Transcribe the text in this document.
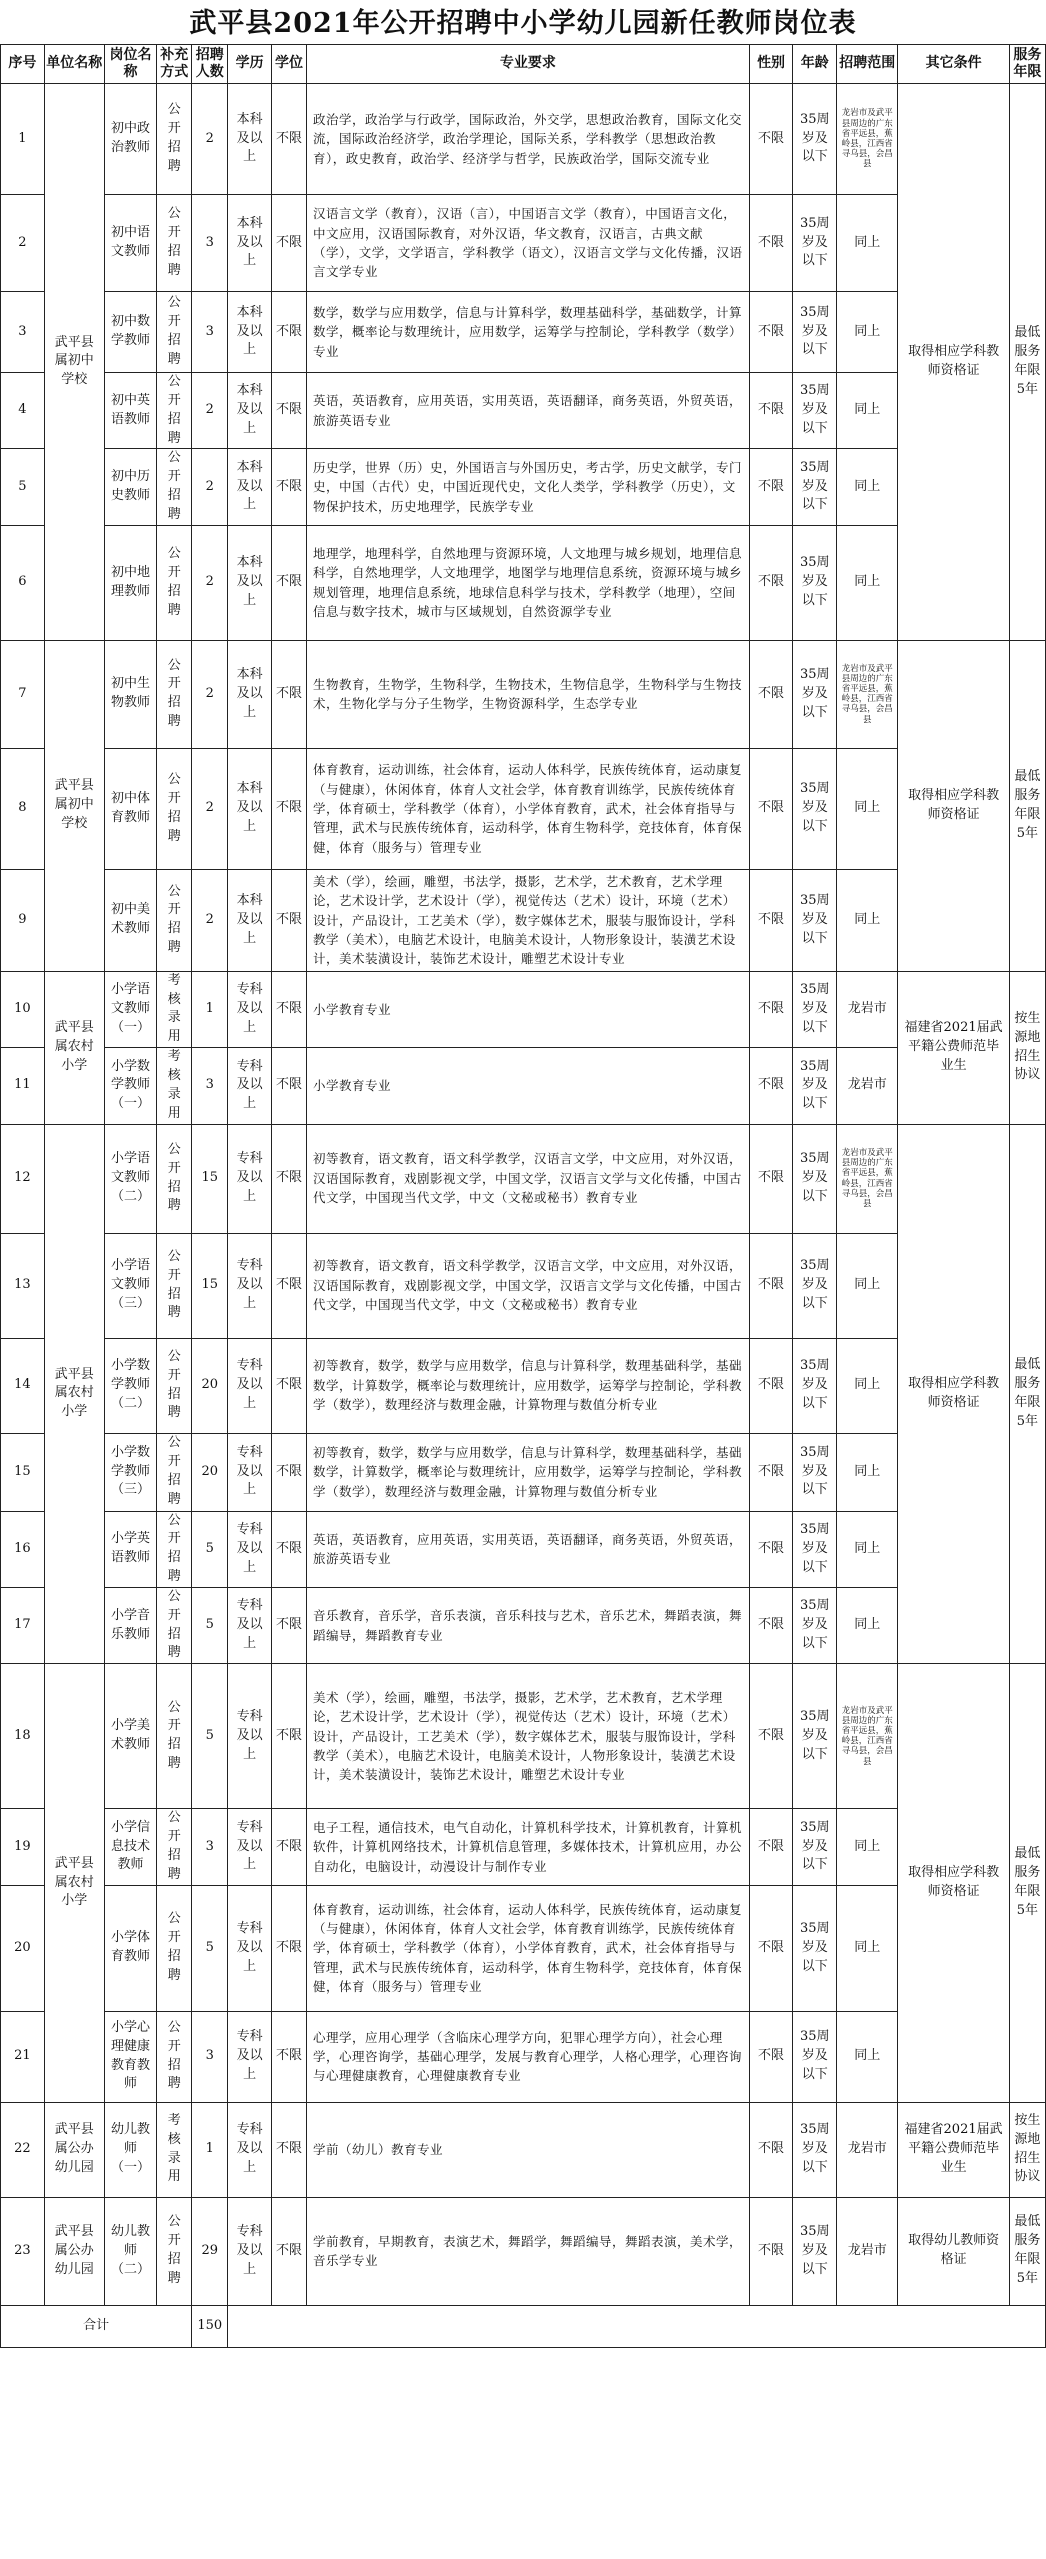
武平县2021年公开招聘中小学幼儿园新任教师岗位表
序号	单位名称	岗位名称	补充方式	招聘人数	学历	学位	专业要求	性别	年龄	招聘范围	其它条件	服务年限
1	武平县属初中学校	初中政治教师	公开招聘	2	本科及以上	不限	政治学，政治学与行政学，国际政治，外交学，思想政治教育，国际文化交流，国际政治经济学，政治学理论，国际关系，学科教学（思想政治教育），政史教育，政治学、经济学与哲学，民族政治学，国际交流专业	不限	35周岁及以下	龙岩市及武平县周边的广东省平远县，蕉岭县，江西省寻乌县，会昌县	取得相应学科教师资格证	最低服务年限5年
2		初中语文教师	公开招聘	3	本科及以上	不限	汉语言文学（教育），汉语（言），中国语言文学（教育），中国语言文化，中文应用，汉语国际教育，对外汉语，华文教育，汉语言，古典文献（学），文学，文学语言，学科教学（语文），汉语言文学与文化传播，汉语言文学专业	不限	35周岁及以下	同上		
3		初中数学教师	公开招聘	3	本科及以上	不限	数学，数学与应用数学，信息与计算科学，数理基础科学，基础数学，计算数学，概率论与数理统计，应用数学，运筹学与控制论，学科教学（数学）专业	不限	35周岁及以下	同上		
4		初中英语教师	公开招聘	2	本科及以上	不限	英语，英语教育，应用英语，实用英语，英语翻译，商务英语，外贸英语，旅游英语专业	不限	35周岁及以下	同上		
5		初中历史教师	公开招聘	2	本科及以上	不限	历史学，世界（历）史，外国语言与外国历史，考古学，历史文献学，专门史，中国（古代）史，中国近现代史，文化人类学，学科教学（历史），文物保护技术，历史地理学，民族学专业	不限	35周岁及以下	同上		
6		初中地理教师	公开招聘	2	本科及以上	不限	地理学，地理科学，自然地理与资源环境，人文地理与城乡规划，地理信息科学，自然地理学，人文地理学，地图学与地理信息系统，资源环境与城乡规划管理，地理信息系统，地球信息科学与技术，学科教学（地理），空间信息与数字技术，城市与区域规划，自然资源学专业	不限	35周岁及以下	同上		
7	武平县属初中学校	初中生物教师	公开招聘	2	本科及以上	不限	生物教育，生物学，生物科学，生物技术，生物信息学，生物科学与生物技术，生物化学与分子生物学，生物资源科学，生态学专业	不限	35周岁及以下	龙岩市及武平县周边的广东省平远县，蕉岭县，江西省寻乌县，会昌县	取得相应学科教师资格证	最低服务年限5年
8		初中体育教师	公开招聘	2	本科及以上	不限	体育教育，运动训练，社会体育，运动人体科学，民族传统体育，运动康复（与健康），休闲体育，体育人文社会学，体育教育训练学，民族传统体育学，体育硕士，学科教学（体育），小学体育教育，武术，社会体育指导与管理，武术与民族传统体育，运动科学，体育生物科学，竞技体育，体育保健，体育（服务与）管理专业	不限	35周岁及以下	同上		
9		初中美术教师	公开招聘	2	本科及以上	不限	美术（学），绘画，雕塑，书法学，摄影，艺术学，艺术教育，艺术学理论，艺术设计学，艺术设计（学），视觉传达（艺术）设计，环境（艺术）设计，产品设计，工艺美术（学），数字媒体艺术，服装与服饰设计，学科教学（美术），电脑艺术设计，电脑美术设计，人物形象设计，装潢艺术设计，美术装潢设计，装饰艺术设计，雕塑艺术设计专业	不限	35周岁及以下	同上		
10	武平县属农村小学	小学语文教师（一）	考核录用	1	专科及以上	不限	小学教育专业	不限	35周岁及以下	龙岩市	福建省2021届武平籍公费师范毕业生	按生源地招生协议
11		小学数学教师（一）	考核录用	3	专科及以上	不限	小学教育专业	不限	35周岁及以下	龙岩市		
12	武平县属农村小学	小学语文教师（二）	公开招聘	15	专科及以上	不限	初等教育，语文教育，语文科学教学，汉语言文学，中文应用，对外汉语，汉语国际教育，戏剧影视文学，中国文学，汉语言文学与文化传播，中国古代文学，中国现当代文学，中文（文秘或秘书）教育专业	不限	35周岁及以下	龙岩市及武平县周边的广东省平远县，蕉岭县，江西省寻乌县，会昌县	取得相应学科教师资格证	最低服务年限5年
13		小学语文教师（三）	公开招聘	15	专科及以上	不限	初等教育，语文教育，语文科学教学，汉语言文学，中文应用，对外汉语，汉语国际教育，戏剧影视文学，中国文学，汉语言文学与文化传播，中国古代文学，中国现当代文学，中文（文秘或秘书）教育专业	不限	35周岁及以下	同上		
14		小学数学教师（二）	公开招聘	20	专科及以上	不限	初等教育，数学，数学与应用数学，信息与计算科学，数理基础科学，基础数学，计算数学，概率论与数理统计，应用数学，运筹学与控制论，学科教学（数学），数理经济与数理金融，计算物理与数值分析专业	不限	35周岁及以下	同上		
15		小学数学教师（三）	公开招聘	20	专科及以上	不限	初等教育，数学，数学与应用数学，信息与计算科学，数理基础科学，基础数学，计算数学，概率论与数理统计，应用数学，运筹学与控制论，学科教学（数学），数理经济与数理金融，计算物理与数值分析专业	不限	35周岁及以下	同上		
16		小学英语教师	公开招聘	5	专科及以上	不限	英语，英语教育，应用英语，实用英语，英语翻译，商务英语，外贸英语，旅游英语专业	不限	35周岁及以下	同上		
17		小学音乐教师	公开招聘	5	专科及以上	不限	音乐教育，音乐学，音乐表演，音乐科技与艺术，音乐艺术，舞蹈表演，舞蹈编导，舞蹈教育专业	不限	35周岁及以下	同上		
18	武平县属农村小学	小学美术教师	公开招聘	5	专科及以上	不限	美术（学），绘画，雕塑，书法学，摄影，艺术学，艺术教育，艺术学理论，艺术设计学，艺术设计（学），视觉传达（艺术）设计，环境（艺术）设计，产品设计，工艺美术（学），数字媒体艺术，服装与服饰设计，学科教学（美术），电脑艺术设计，电脑美术设计，人物形象设计，装潢艺术设计，美术装潢设计，装饰艺术设计，雕塑艺术设计专业	不限	35周岁及以下	龙岩市及武平县周边的广东省平远县，蕉岭县，江西省寻乌县，会昌县	取得相应学科教师资格证	最低服务年限5年
19		小学信息技术教师	公开招聘	3	专科及以上	不限	电子工程，通信技术，电气自动化，计算机科学技术，计算机教育，计算机软件，计算机网络技术，计算机信息管理，多媒体技术，计算机应用，办公自动化，电脑设计，动漫设计与制作专业	不限	35周岁及以下	同上		
20		小学体育教师	公开招聘	5	专科及以上	不限	体育教育，运动训练，社会体育，运动人体科学，民族传统体育，运动康复（与健康），休闲体育，体育人文社会学，体育教育训练学，民族传统体育学，体育硕士，学科教学（体育），小学体育教育，武术，社会体育指导与管理，武术与民族传统体育，运动科学，体育生物科学，竞技体育，体育保健，体育（服务与）管理专业	不限	35周岁及以下	同上		
21		小学心理健康教育教师	公开招聘	3	专科及以上	不限	心理学，应用心理学（含临床心理学方向，犯罪心理学方向），社会心理学，心理咨询学，基础心理学，发展与教育心理学，人格心理学，心理咨询与心理健康教育，心理健康教育专业	不限	35周岁及以下	同上		
22	武平县属公办幼儿园	幼儿教师（一）	考核录用	1	专科及以上	不限	学前（幼儿）教育专业	不限	35周岁及以下	龙岩市	福建省2021届武平籍公费师范毕业生	按生源地招生协议
23	武平县属公办幼儿园	幼儿教师（二）	公开招聘	29	专科及以上	不限	学前教育，早期教育，表演艺术，舞蹈学，舞蹈编导，舞蹈表演，美术学，音乐学专业	不限	35周岁及以下	龙岩市	取得幼儿教师资格证	最低服务年限5年
合计				150								
